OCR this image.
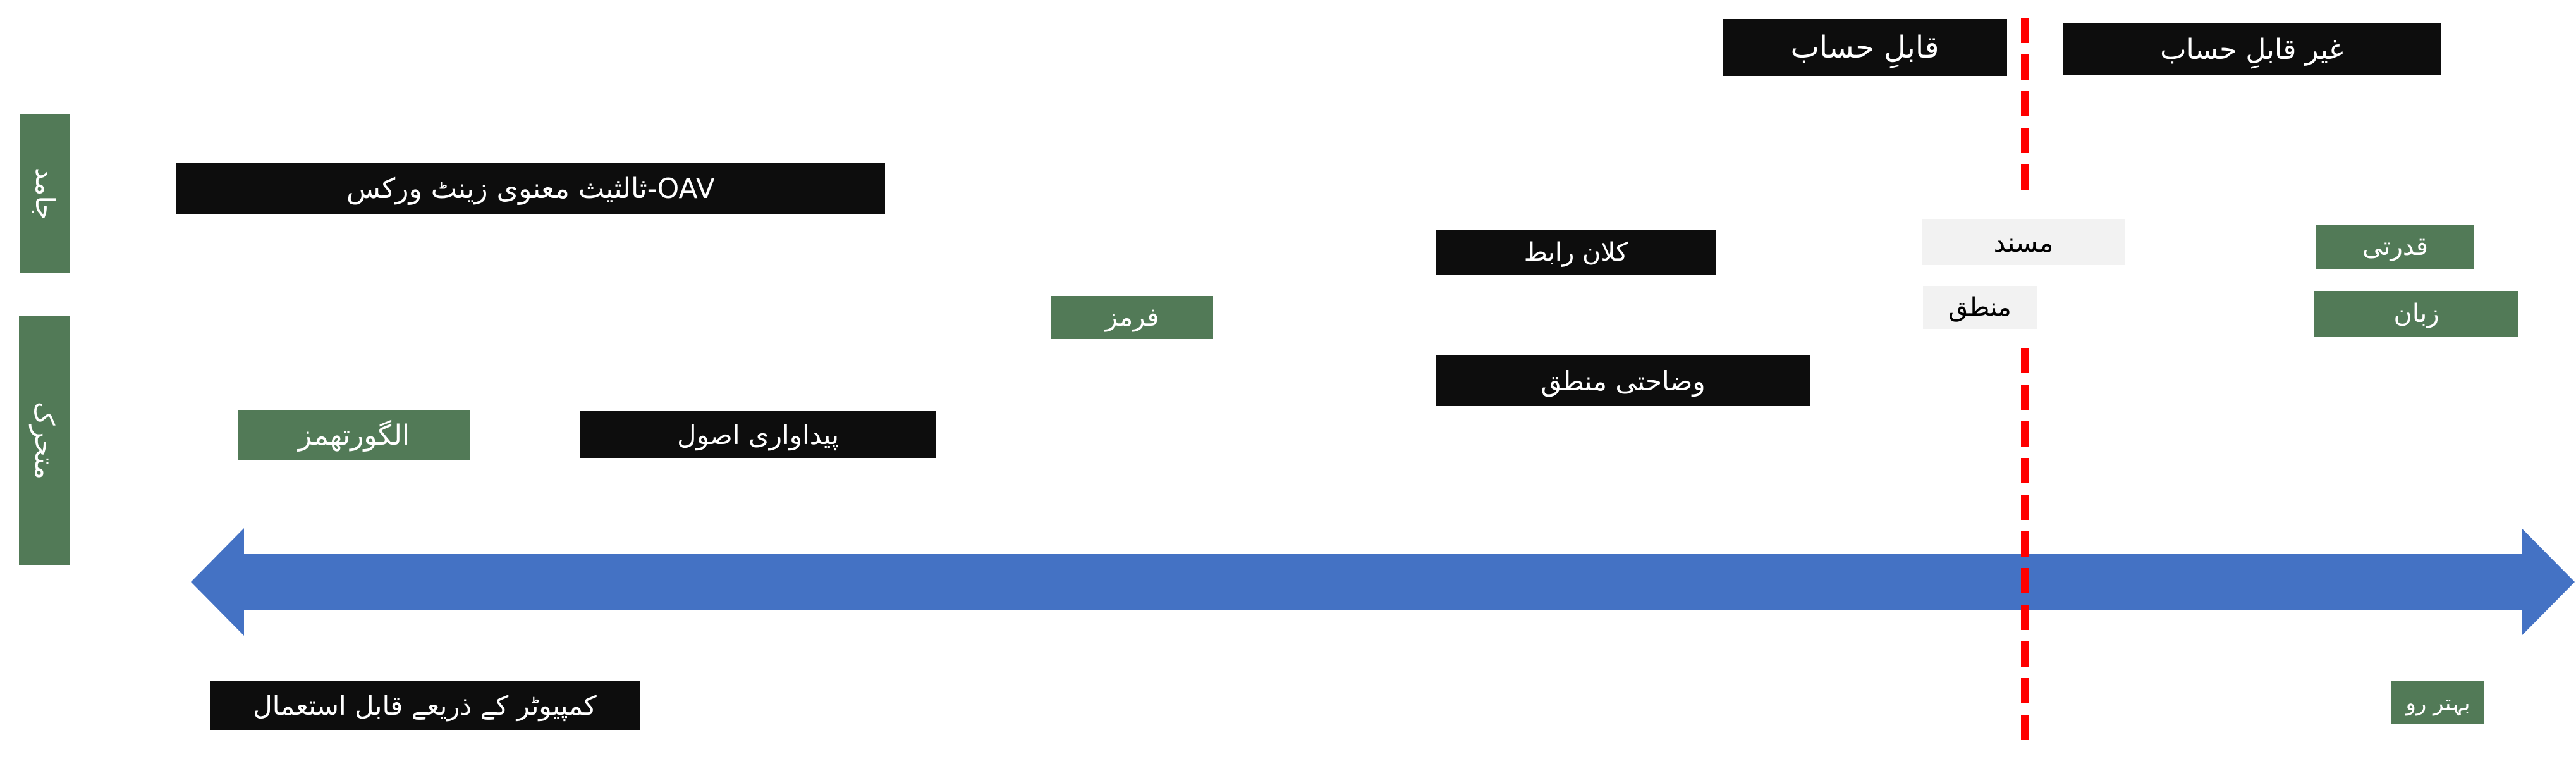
جامد
متحرک
قابلِ حساب	غیر قابلِ حساب
OAV-ثالثیث معنوی زینٹ ورکس
الگورتھمز	پیداواری اصول
فرمز
کلان رابط
وضاحتی منطق
مسند
منطق
قدرتی
زبان
کمپیوٹر کے ذریعے قابل استعمال	بہتر رو
